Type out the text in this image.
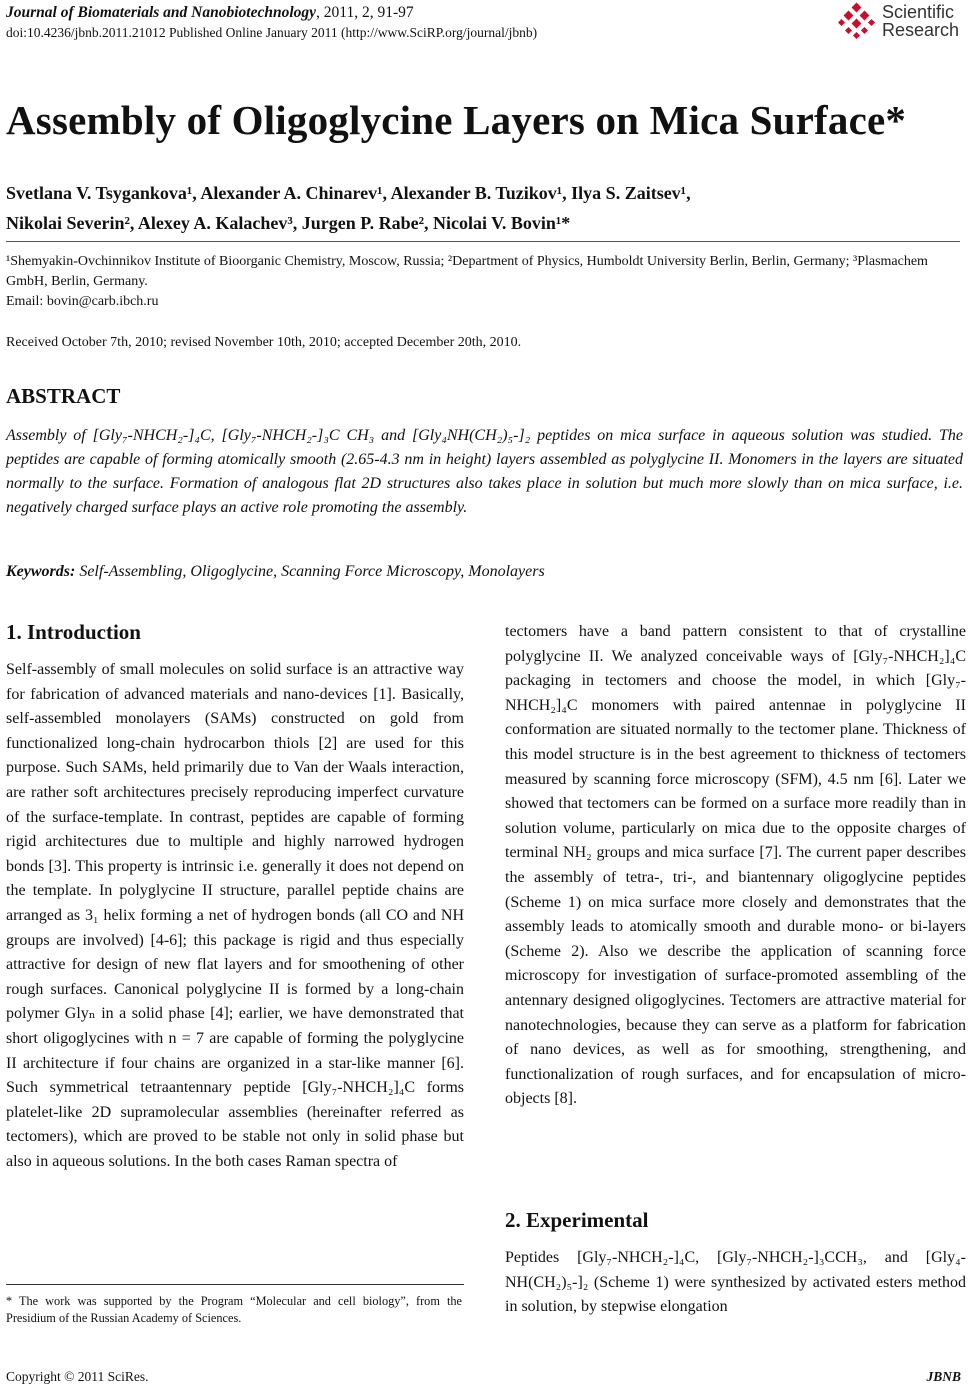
Journal of Biomaterials and Nanobiotechnology, 2011, 2, 91-97
doi:10.4236/jbnb.2011.21012 Published Online January 2011 (http://www.SciRP.org/journal/jbnb)
Scientific
Research
Assembly of Oligoglycine Layers on Mica Surface*
Svetlana V. Tsygankova¹, Alexander A. Chinarev¹, Alexander B. Tuzikov¹, Ilya S. Zaitsev¹,
Nikolai Severin², Alexey A. Kalachev³, Jurgen P. Rabe², Nicolai V. Bovin¹*
¹Shemyakin-Ovchinnikov Institute of Bioorganic Chemistry, Moscow, Russia; ²Department of Physics, Humboldt University Berlin, Berlin, Germany; ³Plasmachem GmbH, Berlin, Germany.
Email: bovin@carb.ibch.ru
Received October 7th, 2010; revised November 10th, 2010; accepted December 20th, 2010.
ABSTRACT
Assembly of [Gly₇-NHCH₂-]₄C, [Gly₇-NHCH₂-]₃C CH₃ and [Gly₄NH(CH₂)₅-]₂ peptides on mica surface in aqueous solution was studied. The peptides are capable of forming atomically smooth (2.65-4.3 nm in height) layers assembled as polyglycine II. Monomers in the layers are situated normally to the surface. Formation of analogous flat 2D structures also takes place in solution but much more slowly than on mica surface, i.e. negatively charged surface plays an active role promoting the assembly.
Keywords: Self-Assembling, Oligoglycine, Scanning Force Microscopy, Monolayers
1. Introduction
Self-assembly of small molecules on solid surface is an attractive way for fabrication of advanced materials and nano-devices [1]. Basically, self-assembled monolayers (SAMs) constructed on gold from functionalized long-chain hydrocarbon thiols [2] are used for this purpose. Such SAMs, held primarily due to Van der Waals interaction, are rather soft architectures precisely reproducing imperfect curvature of the surface-template. In contrast, peptides are capable of forming rigid architectures due to multiple and highly narrowed hydrogen bonds [3]. This property is intrinsic i.e. generally it does not depend on the template. In polyglycine II structure, parallel peptide chains are arranged as 3₁ helix forming a net of hydrogen bonds (all CO and NH groups are involved) [4-6]; this package is rigid and thus especially attractive for design of new flat layers and for smoothening of other rough surfaces. Canonical polyglycine II is formed by a long-chain polymer Glyₙ in a solid phase [4]; earlier, we have demonstrated that short oligoglycines with n = 7 are capable of forming the polyglycine II architecture if four chains are organized in a star-like manner [6]. Such symmetrical tetraantennary peptide [Gly₇-NHCH₂]₄C forms platelet-like 2D supramolecular assemblies (hereinafter referred as tectomers), which are proved to be stable not only in solid phase but also in aqueous solutions. In the both cases Raman spectra of
tectomers have a band pattern consistent to that of crystalline polyglycine II. We analyzed conceivable ways of [Gly₇-NHCH₂]₄C packaging in tectomers and choose the model, in which [Gly₇-NHCH₂]₄C monomers with paired antennae in polyglycine II conformation are situated normally to the tectomer plane. Thickness of this model structure is in the best agreement to thickness of tectomers measured by scanning force microscopy (SFM), 4.5 nm [6]. Later we showed that tectomers can be formed on a surface more readily than in solution volume, particularly on mica due to the opposite charges of terminal NH₂ groups and mica surface [7]. The current paper describes the assembly of tetra-, tri-, and biantennary oligoglycine peptides (Scheme 1) on mica surface more closely and demonstrates that the assembly leads to atomically smooth and durable mono- or bi-layers (Scheme 2). Also we describe the application of scanning force microscopy for investigation of surface-promoted assembling of the antennary designed oligoglycines. Tectomers are attractive material for nanotechnologies, because they can serve as a platform for fabrication of nano devices, as well as for smoothing, strengthening, and functionalization of rough surfaces, and for encapsulation of micro-objects [8].
2. Experimental
Peptides [Gly₇-NHCH₂-]₄C, [Gly₇-NHCH₂-]₃CCH₃, and [Gly₄-NH(CH₂)₅-]₂ (Scheme 1) were synthesized by activated esters method in solution, by stepwise elongation
* The work was supported by the Program “Molecular and cell biology”, from the Presidium of the Russian Academy of Sciences.
Copyright © 2011 SciRes.	JBNB
